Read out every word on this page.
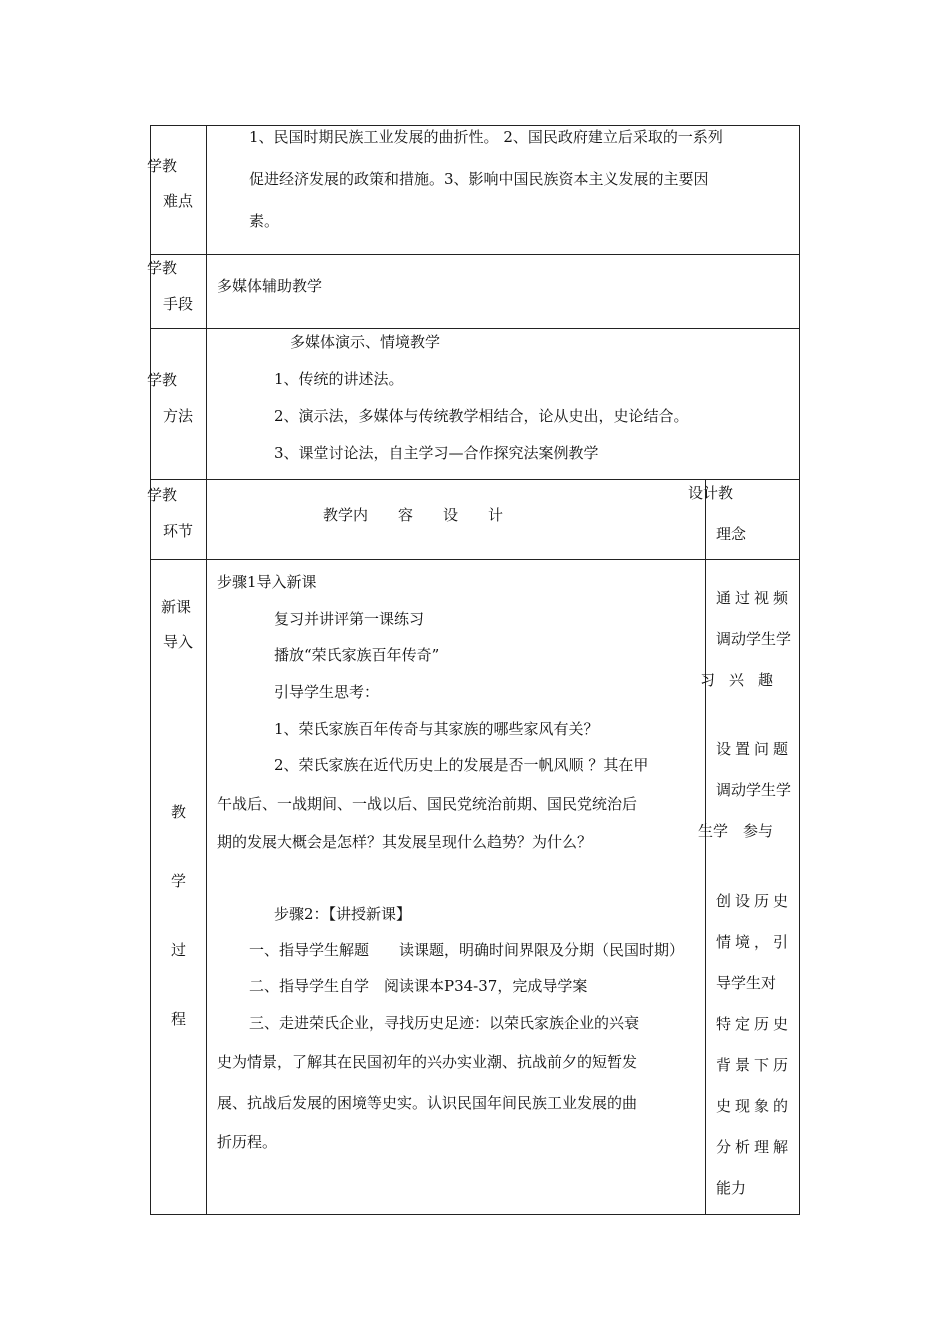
学教
难点
1、民国时期民族工业发展的曲折性。 2、国民政府建立后采取的一系列
促进经济发展的政策和措施。3、影响中国民族资本主义发展的主要因
素。
学教
手段
多媒体辅助教学
学教
方法
多媒体演示、情境教学
1、传统的讲述法。
2、演示法，多媒体与传统教学相结合，论从史出，史论结合。
3、课堂讨论法，自主学习—合作探究法案例教学
学教
环节
教学内　　容　　设　　计
设计教
理念
新课
导入
教
学
过
程
步骤1导入新课
复习并讲评第一课练习
播放“荣氏家族百年传奇”
引导学生思考：
1、荣氏家族百年传奇与其家族的哪些家风有关？
2、荣氏家族在近代历史上的发展是否一帆风顺 ？其在甲
午战后、一战期间、一战以后、国民党统治前期、国民党统治后
期的发展大概会是怎样？其发展呈现什么趋势？为什么？
步骤2：【讲授新课】
一、指导学生解题　　读课题，明确时间界限及分期（民国时期）
二、指导学生自学　阅读课本P34-37，完成导学案
三、走进荣氏企业，寻找历史足迹：以荣氏家族企业的兴衰
史为情景，了解其在民国初年的兴办实业潮、抗战前夕的短暂发
展、抗战后发展的困境等史实。认识民国年间民族工业发展的曲
折历程。
通过视频
调动学生学
习兴趣
设置问题
调动学生学
生学　参与
创设历史
情境，引
导学生对
特定历史
背景下历
史现象的
分析理解
能力
